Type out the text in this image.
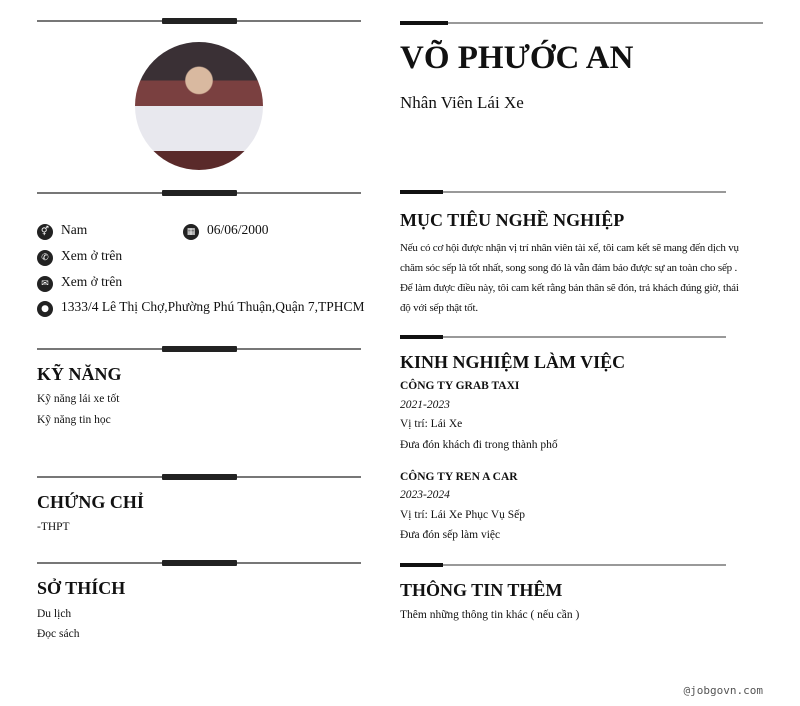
⚥ Nam	▦ 06/06/2000
✆ Xem ở trên
✉ Xem ở trên
● 1333/4 Lê Thị Chợ,Phường Phú Thuận,Quận 7,TPHCM
KỸ NĂNG
Kỹ năng lái xe tốt
Kỹ năng tin học
CHỨNG CHỈ
-THPT
SỞ THÍCH
Du lịch
Đọc sách
VÕ PHƯỚC AN
Nhân Viên Lái Xe
MỤC TIÊU NGHỀ NGHIỆP
Nếu có cơ hội được nhận vị trí nhân viên tài xế, tôi cam kết sẽ mang đến dịch vụ
chăm sóc sếp là tốt nhất, song song đó là vẫn đảm bảo được sự an toàn cho sếp .
Để làm được điều này, tôi cam kết rằng bản thân sẽ đón, trả khách đúng giờ, thái
độ với sếp thật tốt.
KINH NGHIỆM LÀM VIỆC
CÔNG TY GRAB TAXI
2021-2023
Vị trí: Lái Xe
Đưa đón khách đi trong thành phố
CÔNG TY REN A CAR
2023-2024
Vị trí: Lái Xe Phục Vụ Sếp
Đưa đón sếp làm việc
THÔNG TIN THÊM
Thêm những thông tin khác ( nếu cần )
@jobgovn.com
